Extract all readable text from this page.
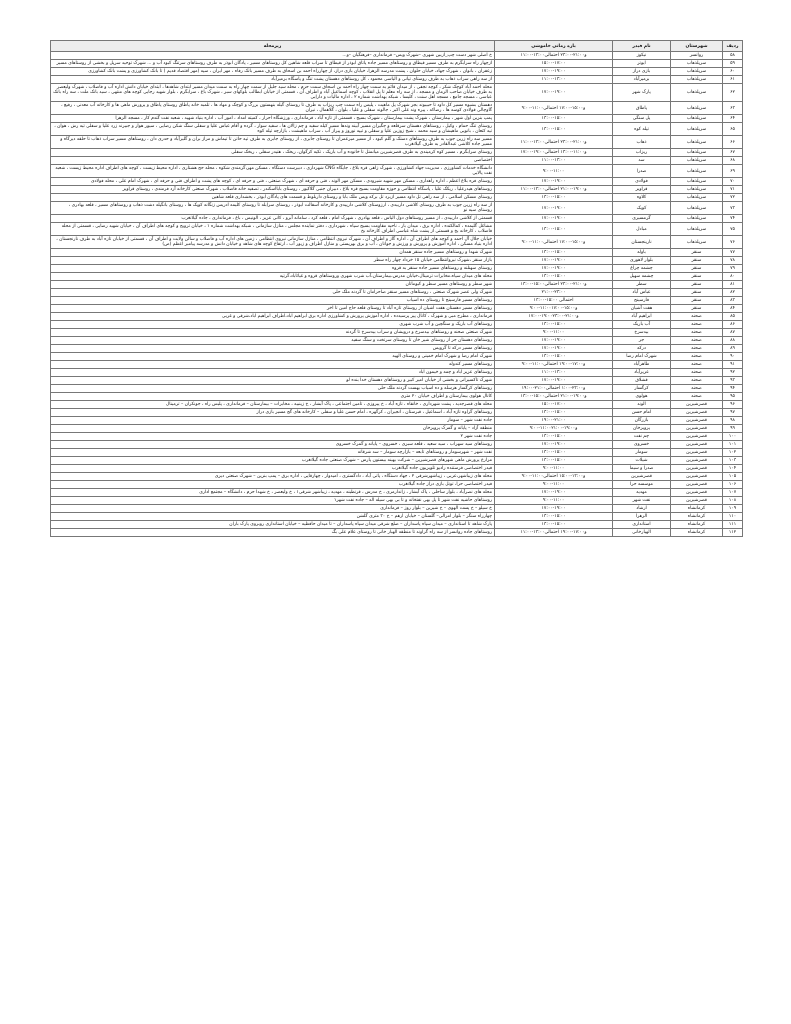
ردیف	شهرستان	نام فیدر	بازه زمانی خاموشی	زیرمحله
۵۸	روانسر	نیکوز	۱۱:۰۰-۱۳:۰۰و۲۱:۰۰-۲۳:۰۰ احتمالی	خ اصلی شهر دست چپ_ازبین شهری –شهرک ویس– فرمانداری –فرهنگیان –و...
۵۹	سرپلذهاب	ایوتر	۱۵:۰۰-۱۷:۰۰	ازچهار راه سرابگرم به طرف مسیر قیطاق و روستاهای مسیر جاده پاتاق ابوذر از قیطاق تا سراب قلعه شاهین کل روستاهای مسیر ، پادگان ابوذر به طرف روستاهای سرتنگ کبود آب و ... شهرک توحید سرپل و بخشی از روستاهای مسیر
۶۰	سرپلذهاب	بازی دراز	۱۷:۰۰-۱۹:۰۰	زعفران ، بانوان ، شهرک جهاد، خیابان حلوان ، پشت مدرسه الزهرا، خیابان بازی دراز، از چهارراه احمد بن اسحاق به طرف مسیر بانک رفاه ، مهر ایران ، سپه (مهر اقتصاد قدیم ) تا بانک کشاورزی و پشت بانک کشاورزی
۶۱	سرپلذهاب	بزمیرآباد	۱۱:۰۰-۱۳:۰۰	از سه راهی سراب ذهاب به طرف روستای تپانی و الیاسی محمود ، کل روستاهای دهستان پشت تنگ و پاسگاه بزمیرآباد
۶۲	سرپلذهاب	پارک شهر	۱۷:۰۰-۱۹:۰۰	محله احمد آباد کوچک شکر ، کوچه نجفی ، از میدان قائم به سمت چهار راه احمد بن اسحاق سمت حرم ، محله سید جلیل از سمت چهار راه به سمت میدان مسیر ابتدای شاهدها ، ابتدای خیابان دانش اداره آب و فاضلاب ، شهرک ولیعصر به طرف خیابان صاحب الزمان و مسجد ، از سه راه معلم تا پل انقلاب ، کوچه اسماعیل آباد و اطراف آن ، قسمتی از خیابان ابطالب بلوکهای سبز ، شهرک باغ ، سرابگرم ، بلوار شهید رجایی کوچه های منتهی ، سید بانک ملت ، سه راه بانک عباسی ، مسجد جامع ، مسجد اهل سنت ، کلیسا ، شبکه بهداشت شماره ۲ ، اداره مالیات و دارایی
۶۳	سرپلذهاب	پاطاق	۹:۰۰-۱۱:۰۰و۱۵:۰۰-۱۷:۰۰ احتمالی	دهستان بشیوه مسیر کل داود تا حبیبوند بجز شهرک پل ماهیت ، پلیس راه سمت چپ ریژاب به طرف تا روستای گیله بنهستون بزرگ و کوچک و مهاد ها ، تلمبه خانه پاطاق روستای پاطاق و پرورش ماهی ها و کارخانه آب معدنی ، رفیع ، گاوچالی قولادی کوسه ها ، رضاکه ، پیره وند علی اکبر ، جالوند سفلی و علیا ، بلوان ، گلاهمال ، نیران
۶۴	سرپلذهاب	پل سنگی	۱۳:۰۰-۱۵:۰۰	پمپ بنزین اول شهر ، بیمارستان ، شهرک پشت بیمارستان ، شهرک بسیج ، قسمتی از تازه آباد ، فرمانداری ، ورزشگاه احرار ، کمیته امداد ، امور آب ، اداره بنیاد شهید ، شعبه نفت گندم کار ، مسجد الزهرا
۶۵	سرپلذهاب	تپله کوه	۱۳:۰۰-۱۵:۰۰	روستای تنگ حمام ، وکیل ، روستاهای دهستان سرقلعه و جگیران مسیر آبینه وندها مسیر کیله سفید و چم زالان ها ، سفید سوار ، گرده و آقام عباس علیا و سفلی سنگ شکن رضایی ، سیور هوار و جبیرند زرد علیا و سفلی تیه رش ، هوان ، تیه کتعان ، بانویی ماهیشان و سید محمد ، شیخ زوزین علیا و سفلی و تیپه نوروز و پیراز آب ، سراب ماهیشت ، بازارچه تپله کوه
۶۶	سرپلذهاب	ذهاب	۱۱:۰۰-۱۳:۰۰و۲۱:۰۰-۲۳:۰۰ احتمالی	مسیر سه راه زرین جوب به طرف روستاهای دستک و گلم کبود ، از مسیر میرعمران تا روستای جابری ، از روستای جابری به طرف تپه حاتن تا تیماش و مراز بران و گلیرآباد و حدری دان ، روستاهای مسیر سراب ذهاب تا حلقه دیرگاه و مسیر جاده کلاشی عبدالقادر به طرف گیلانغرب
۶۷	سرپلذهاب	ریژاب	۱۷:۰۰-۱۹:۰۰و۱۱:۰۰-۱۳:۰۰ احتمالی	روستای سرابگرم ، مسیر کوه کرمیندی به طرف قصرشیرین میانمتل تا خانوده و آب باریک ، تکیه کرگوان، ریخک ، هتیدر سفلی ، ریخک سفلی
۶۸	سرپلذهاب	سد	۱۱:۰۰-۱۳:۰۰	اختصاصی
۶۹	سرپلذهاب	صدرا	۹:۰۰-۱۱:۰۰	دانشگاه خدمات کشاورزی ، مدیریت جهاد کشاورزی ، شهرک زاهی قره بلاغ ، جایگاه CNG شهرداری ، دبیرست دستگاه ، مسکن مهر،گرمندی شکوه ، محله حج هشتاری ، اداره محیط زیست ، کوچه های اطراف اداره محیط زیست ، شعبه نفت پالایی
۷۰	سرپلذهاب	فولادی	۱۷:۰۰-۱۹:۰۰	روستای فره بلاغ اعظم ، اداره راهداری ، مسکن مهر شهید شیرودی ، مسکن مهر الوند ، فنی و حرفه ای ، شهرک صنعتی ، فنی و حرفه ای ، کوچه های پشت و اطراف فنی و حرفه ای ، شهرک امام علی ، محله فولادی
۷۱	سرپلذهاب	قراویز	۱۱:۰۰-۱۳:۰۰و۱۹:۰۰-۲۱:۰۰ احتمالی	روستاهای هیدرعلیا ، ریکک علیا ، پاسگاه انتظامی و حوزه مقاومت بسیج قره بلاغ ، دبیران جنبی گلاکیور ، روستای بابااسکندر ، تصفیه خانه فاضلاب ، شهرک صنعتی کارخانه آرد فرمندی ، روستای قراویز
۷۲	سرپلذهاب	کلاوه	۱۳:۰۰-۱۵:۰۰	روستای مسکن اسلامی ، از سه راهی تل داود مسیر ازبرد تل برکه ویس ملک بابا و روستای داربلوط و قسمت های پادگان ابوذر ، بخشداری قلعه شاهین
۷۳	سرپلذهاب	کویک	۱۷:۰۰-۱۹:۰۰	از سه راه زرین جوب به طرف روستای کلاشی داربیدی ، ارزوستای کلاشی دارپیدی و کارخانه آسفالت ابوذر ، روستای سرابله تا روستای کلیمه ادریس زنگانه کوپک ها ، روستای بانگپله دشت ذهاب و روستاهای مسیر ، قلعه بهادری ، روستای سیه نو
۷۴	سرپلذهاب	گرمسیری	۱۷:۰۰-۱۹:۰۰	قسمتی از کلاشی داربیدی ، از مسیر روستاهای دول الیاس ، قلعه بهادری ، شهرک امام ، قلعه کرد ، سامانه آبرو ، کانی عزیز ، الونیس ، باغ ، فرمانداری ، جاده گیلانغرب
۷۵	سرپلذهاب	مبادل	۱۳:۰۰-۱۵:۰۰	مشاغل گلیمده ، کمالکنده ، اداره برق ، میدان بار ، ناحیه مقاومت بسیج سپاه ، شهرداری ، دفتر نماینده مجلس ، منازل سازمانی ، شبکه بهداشت شماره ۱ ، خیابان ترویج و کوچه های اطراف آن ، خیابان شهید رضایی ، قسمتی از محله فاضلاب ، کارخانه بخ و قسمتی از پشت شاه عباسی اطراف کارخانه بخ
۷۶	سرپلذهاب	نارینجستان	۹:۰۰-۱۱:۰۰و۱۵:۰۰-۱۷:۰۰ احتمالی	خیابان جلال آل احمد و کوچه های اطراف آن ، اداره گاز و اطراف آن ، شهرک نیروی انتظامی ، منازل سازمانی نیروی انتظامی ، زمین های اداره آب و فاضلاب و سالن ولایت و اطراف آن ، قسمتی از خیابان تازه آباد به طرف نارنجستان ، اداره بنیاد مسکن ، اداره آموزش و پرورش و ورزش و جوانان ، آب و برق بهزیستی و منازل اطراف و زیور آب ، ارتفاع کوچه های شاهد و خیابان دانش و مدرسه پیامبر اعظم (ص)
۷۷	سنقر	باوله	۱۳:۰۰-۱۵:۰۰	شهرک شهدا و روستاهای مسیر جاده سنقر همدان
۷۸	سنقر	بلوار لاهوری	۱۷:۰۰-۱۹:۰۰	بازار سنقر ،شهرک نیروانتظامی خیابان ۱۵ خرداد چهار راه سطر
۷۹	سنقر	چشمه چراغ	۱۷:۰۰-۱۹:۰۰	روستای سهنلنه و روستاهای مسیر جاده سنقر به قروه
۸۰	سنقر	چشمه سهیل	۱۳:۰۰-۱۵:۰۰	محله های میدان سپاه،مخابرات ترمینال،خیابان مدرس،بیمارستان،آب شرب شهری وروستاهای قروه و غیاثاباد،گرتپه
۸۱	سنقر	سطر	۱۳:۰۰-۱۵:۰۰و۲۱:۰۰-۲۳:۰۰ احتمالی	شهر سطر و روستاهای مسیر سطر و کیوماتان
۸۲	سنقر	عباس آباد	۲۱:۰۰-۲۳:۰۰	شهرک ولی عصر شهرک صنعتی ، روستاهای مسیر سنقر صاحرامان تا گردنه ملک حلی
۸۳	سنقر	فارسینج	۱۳:۰۰-۱۵:۰۰ احتمالی	روستاهای مسیر فارسینج تا روستای ده اسیاب
۸۴	سنقر	هفت آشیان	۹:۰۰-۱۱:۰۰و۱۵:۰۰-۱۷:۰۰	روستاهای مسیر دهستان هفت اشیان از روستای تازه آباد تا روستای قلعه حاج امین تا اخر
۸۵	صحنه	ابراهیم آباد	۱۷:۰۰-۱۹:۰۰و۲۱:۰۰-۲۳:۰۰	فرمانداری ، مطرح مبی و شهرک ، کانال پیر پرسیدده ، اداره آموزش پرورش و کشاورزی اداره برق ابراهیم اباد،اطراف ابراهیم اباد،شرقی و غربی
۸۶	صحنه	آب باریک	۱۳:۰۰-۱۵:۰۰	روستاهای آب باریک و سنگچین و آب شرب شهری
۸۷	صحنه	بیدسرخ	۹:۰۰-۱۱:۰۰	شهرک صنعتی صحنه و روستاهای بیدسرخ و درویشان و سراب بیدسرخ تا گردنه
۸۸	صحنه	جر	۱۷:۰۰-۱۹:۰۰	روستاهای دهستان جر از روستای شیر خان تا روستای سرتخت و سنگ سفید
۸۹	صحنه	درکه	۱۷:۰۰-۱۹:۰۰	روستاهای مسیر درکه تا گرویس
۹۰	صحنه	شهرک امام رضا	۱۳:۰۰-۱۵:۰۰	شهرک امام رضا و شهرک امام خمینی و روستای الهیه
۹۱	صحنه	طاهرآباد	۹:۰۰-۱۱:۰۰و۱۷:۰۰-۱۹:۰۰ احتمالی	روستاهای مسیر کندوله
۹۲	صحنه	عزیزآباد	۱۱:۰۰-۱۳:۰۰	روستاهای عزیز اباد و چمه و خیمون اباد
۹۳	صحنه	قشلاق	۱۷:۰۰-۱۹:۰۰	شهرک تاکسیرانی و بخشی از خیابان امیر کبیر و روستاهای دهستان خدا بنده لو
۹۴	صحنه	کرگسار	۱۹:۰۰-۲۱:۰۰و۲۳:۰۰-۱:۰۰ احتمالی	روستاهای کرگسار هرسله و ده اسیاب بهست گردنه ملک حلی
۹۵	صحنه	هولوی	۱۳:۰۰-۱۵:۰۰و۱۹:۰۰-۲۱:۰۰ احتمالی	کانال هولوی بیمارستان و اطراف خیابان ۲۰ متری
۹۶	قصرشیرین	الوند	۱۵:۰۰-۱۷:۰۰	محله های قصرجدید ، پشت شهرداری ، خانقاه ، تازه آباد ، خ پیروزی ، تامین اجتماعی ، پاک آبشار ، خ زینبیه ، مخابرات – بیمارستان – فرمانداری ، پلیس راه ، جونکران – ترمینال
۹۷	قصرشیرین	امام حسن	۱۳:۰۰-۱۵:۰۰	روستاهای گراوه تازه آباد ، اسماعیل ، قبرستان ، انجیران ، کرگهره ، امام حسن علیا و سفلی – کارخانه های گچ مسیر بازی دراز
۹۸	قصرشیرین	بازرگان	۱۹:۰۰-۲۱:۰۰	جاده نفت شهر – سومار
۹۹	قصرشیرین	پرویزخان	۹:۰۰-۱۱:۰۰و۱۹:۰۰-۲۱:۰۰	منطقه آزاد – پایانه و گمرک پرویزخان
۱۰۰	قصرشیرین	چم نفت	۱۳:۰۰-۱۵:۰۰	جاده نفت شهر ۲
۱۰۱	قصرشیرین	خسروی	۱۷:۰۰-۱۹:۰۰	روستاهای سید سهراب ، سید سعید ، قلعه سبزی ، خسروی – پایانه و گمرک خسروی
۱۰۲	قصرشیرین	سومار	۱۳:۰۰-۱۵:۰۰	نفت شهر – شهرسومار و روستاهای تابعه – بازارچه سومار – سد شرقانه
۱۰۳	قصرشیرین	شیلات	۱۳:۰۰-۱۵:۰۰	مزارع پرورش ماهی شهرهای قصرشیرین – شرکت بهینه بیستون پارس – شهرک صنعتی جاده گیلانغرب
۱۰۴	قصرشیرین	صدرا و سیما	۹:۰۰-۱۱:۰۰	فیدر اختصاصی فرستنده رادیو تلویزیون جاده گیلانغرب
۱۰۵	قصرشیرین	قصرشیرین	۹:۰۰-۱۱:۰۰و۱۳:۰۰-۱۵:۰۰ احتمالی	محله های زیباشهر،عربی ، زیباشهرشرقی ۲ ، جهاد دستگاه ، پاتی آباد ، دادگستری ، امیدوار ، چهارقاپی ، اداره برق – پمپ بنزین – شهرک صنعتی دیزی
۱۰۶	قصرشیرین	موسسه حرا	۹:۰۰-۱۱:۰۰	فیدر اختصاصی حرا، تونل بازی دراز جاده گیلانغرب
۱۰۷	قصرشیرین	مهدیه	۱۷:۰۰-۱۹:۰۰	محله های نصرآباد ، بلوار ساحلی ، پاک آبشار ، زاندارمری ، خ مدرس ، قرنطینه ، مهدیه ، زیباشهر شرقی۱ ، خ ولیعصر ، خ شهدا حرم ، دانشگاه – مجتمع اداری
۱۰۸	قصرشیرین	نفت شهر	۹:۰۰-۱۱:۰۰	روستاهای حاشیه نفت شهر تا پل بهی نفتخانه و تا بی بهی سیله اله – جاده نفت شهر۱
۱۰۹	کرمانشاه	ارشاد	۱۷:۰۰-۱۹:۰۰	خ سیلو – خ پست الهوی – خ شیرین – بلوار روز – فرمانداری
۱۱۰	کرمانشاه	الزهرا	۱۳:۰۰-۱۵:۰۰	چهارراه سنگر – بلوار امرالی– گلستان – خیابان ارهم – خ ۳۰ متری گلشن
۱۱۱	کرمانشاه	استانداری	۱۳:۰۰-۱۵:۰۰	پارک شاهد تا استانداری – میدان سپاه پاسداران – ضلع شرقی میدان سپاه پاسداران – تا میدان حافظیه – خیابان استانداری روبروی پارک باران
۱۱۲	کرمانشاه	الهیارخانی	۱۱:۰۰-۱۳:۰۰و۱۷:۰۰-۱۹:۰۰ احتمالی	روستاهای جاده روانسر از سه راه گراوند تا منطقه الهیار خانی تا روستای علام علی بگ
